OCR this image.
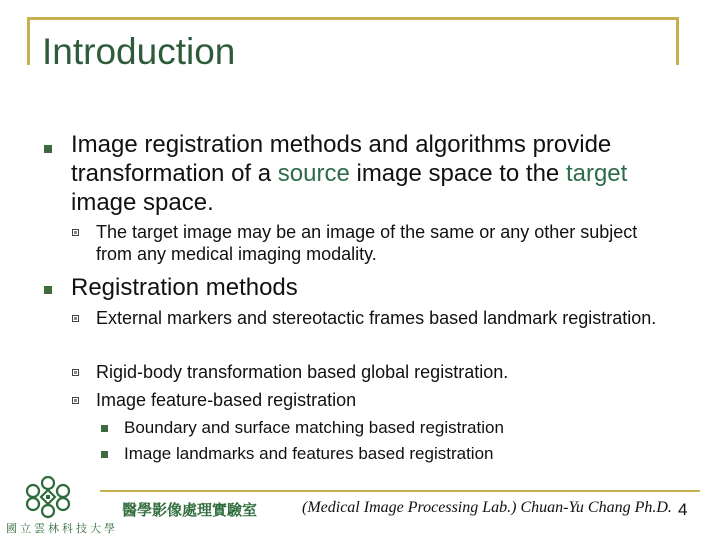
Introduction
Image registration methods and algorithms provide transformation of a source image space to the target image space.
The target image may be an image of the same or any other subject from any medical imaging modality.
Registration methods
External markers and stereotactic frames based landmark registration.
Rigid-body transformation based global registration.
Image feature-based registration
Boundary and surface matching based registration
Image landmarks and features based registration
國立雲林科技大學
醫學影像處理實驗室	(Medical Image Processing Lab.) Chuan-Yu Chang Ph.D. 4
